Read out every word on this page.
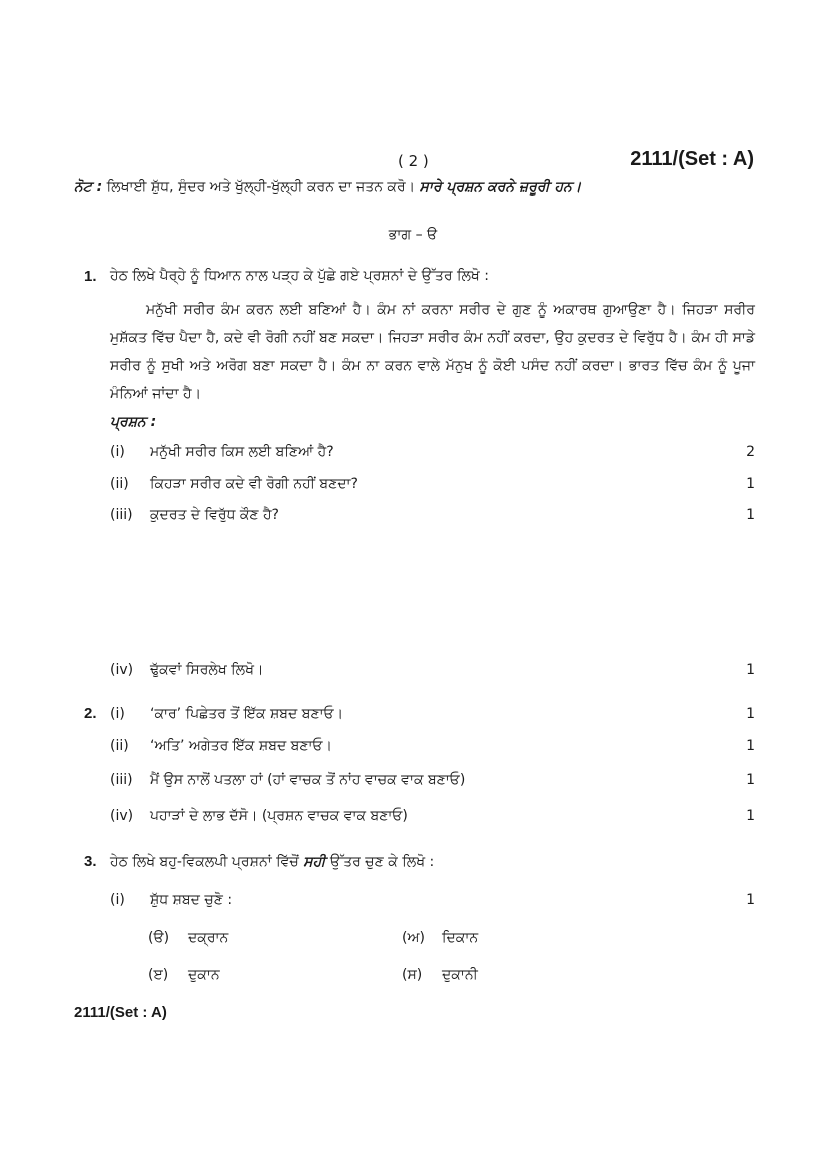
( 2 )	2111/(Set : A)
ਨੋਟ : ਲਿਖਾਈ ਸ਼ੁੱਧ, ਸੁੰਦਰ ਅਤੇ ਖੁੱਲ੍ਹੀ-ਖੁੱਲ੍ਹੀ ਕਰਨ ਦਾ ਜਤਨ ਕਰੋ। ਸਾਰੇ ਪ੍ਰਸ਼ਨ ਕਰਨੇ ਜ਼ਰੂਰੀ ਹਨ।
ਭਾਗ – ੳ
1. ਹੇਠ ਲਿਖੇ ਪੈਰ੍ਹੇ ਨੂੰ ਧਿਆਨ ਨਾਲ ਪੜ੍ਹ ਕੇ ਪੁੱਛੇ ਗਏ ਪ੍ਰਸ਼ਨਾਂ ਦੇ ਉੱਤਰ ਲਿਖੋ :
ਮਨੁੱਖੀ ਸਰੀਰ ਕੰਮ ਕਰਨ ਲਈ ਬਣਿਆਂ ਹੈ। ਕੰਮ ਨਾਂ ਕਰਨਾ ਸਰੀਰ ਦੇ ਗੁਣ ਨੂੰ ਅਕਾਰਥ ਗੁਆਉਣਾ ਹੈ। ਜਿਹੜਾ ਸਰੀਰ ਮੁਸ਼ੱਕਤ ਵਿੱਚ ਪੈਦਾ ਹੈ, ਕਦੇ ਵੀ ਰੋਗੀ ਨਹੀਂ ਬਣ ਸਕਦਾ। ਜਿਹੜਾ ਸਰੀਰ ਕੰਮ ਨਹੀਂ ਕਰਦਾ, ਉਹ ਕੁਦਰਤ ਦੇ ਵਿਰੁੱਧ ਹੈ। ਕੰਮ ਹੀ ਸਾਡੇ ਸਰੀਰ ਨੂੰ ਸੁਖੀ ਅਤੇ ਅਰੋਗ ਬਣਾ ਸਕਦਾ ਹੈ। ਕੰਮ ਨਾ ਕਰਨ ਵਾਲੇ ਮੱਨੁਖ ਨੂੰ ਕੋਈ ਪਸੰਦ ਨਹੀਂ ਕਰਦਾ। ਭਾਰਤ ਵਿੱਚ ਕੰਮ ਨੂੰ ਪੂਜਾ ਮੰਨਿਆਂ ਜਾਂਦਾ ਹੈ।
ਪ੍ਰਸ਼ਨ :
(i) ਮਨੁੱਖੀ ਸਰੀਰ ਕਿਸ ਲਈ ਬਣਿਆਂ ਹੈ?	2
(ii) ਕਿਹੜਾ ਸਰੀਰ ਕਦੇ ਵੀ ਰੋਗੀ ਨਹੀਂ ਬਣਦਾ?	1
(iii) ਕੁਦਰਤ ਦੇ ਵਿਰੁੱਧ ਕੌਣ ਹੈ?	1
(iv) ਢੁੱਕਵਾਂ ਸਿਰਲੇਖ ਲਿਖੋ।	1
2. (i) ‘ਕਾਰ’ ਪਿਛੇਤਰ ਤੋਂ ਇੱਕ ਸ਼ਬਦ ਬਣਾਓ।	1
(ii) ‘ਅਤਿ’ ਅਗੇਤਰ ਇੱਕ ਸ਼ਬਦ ਬਣਾਓ।	1
(iii) ਮੈਂ ਉਸ ਨਾਲੋਂ ਪਤਲਾ ਹਾਂ (ਹਾਂ ਵਾਚਕ ਤੋਂ ਨਾਂਹ ਵਾਚਕ ਵਾਕ ਬਣਾਓ)	1
(iv) ਪਹਾੜਾਂ ਦੇ ਲਾਭ ਦੱਸੋ। (ਪ੍ਰਸ਼ਨ ਵਾਚਕ ਵਾਕ ਬਣਾਓ)	1
3. ਹੇਠ ਲਿਖੇ ਬਹੁ-ਵਿਕਲਪੀ ਪ੍ਰਸ਼ਨਾਂ ਵਿੱਚੋਂ ਸਹੀ ਉੱਤਰ ਚੁਣ ਕੇ ਲਿਖੋ :
(i) ਸ਼ੁੱਧ ਸ਼ਬਦ ਚੁਣੋ :	1
(ੳ) ਦਕ੍ਰਾਨ	(ਅ) ਦਿਕਾਨ
(ੲ) ਦੁਕਾਨ	(ਸ) ਦੁਕਾਨੀ
2111/(Set : A)
